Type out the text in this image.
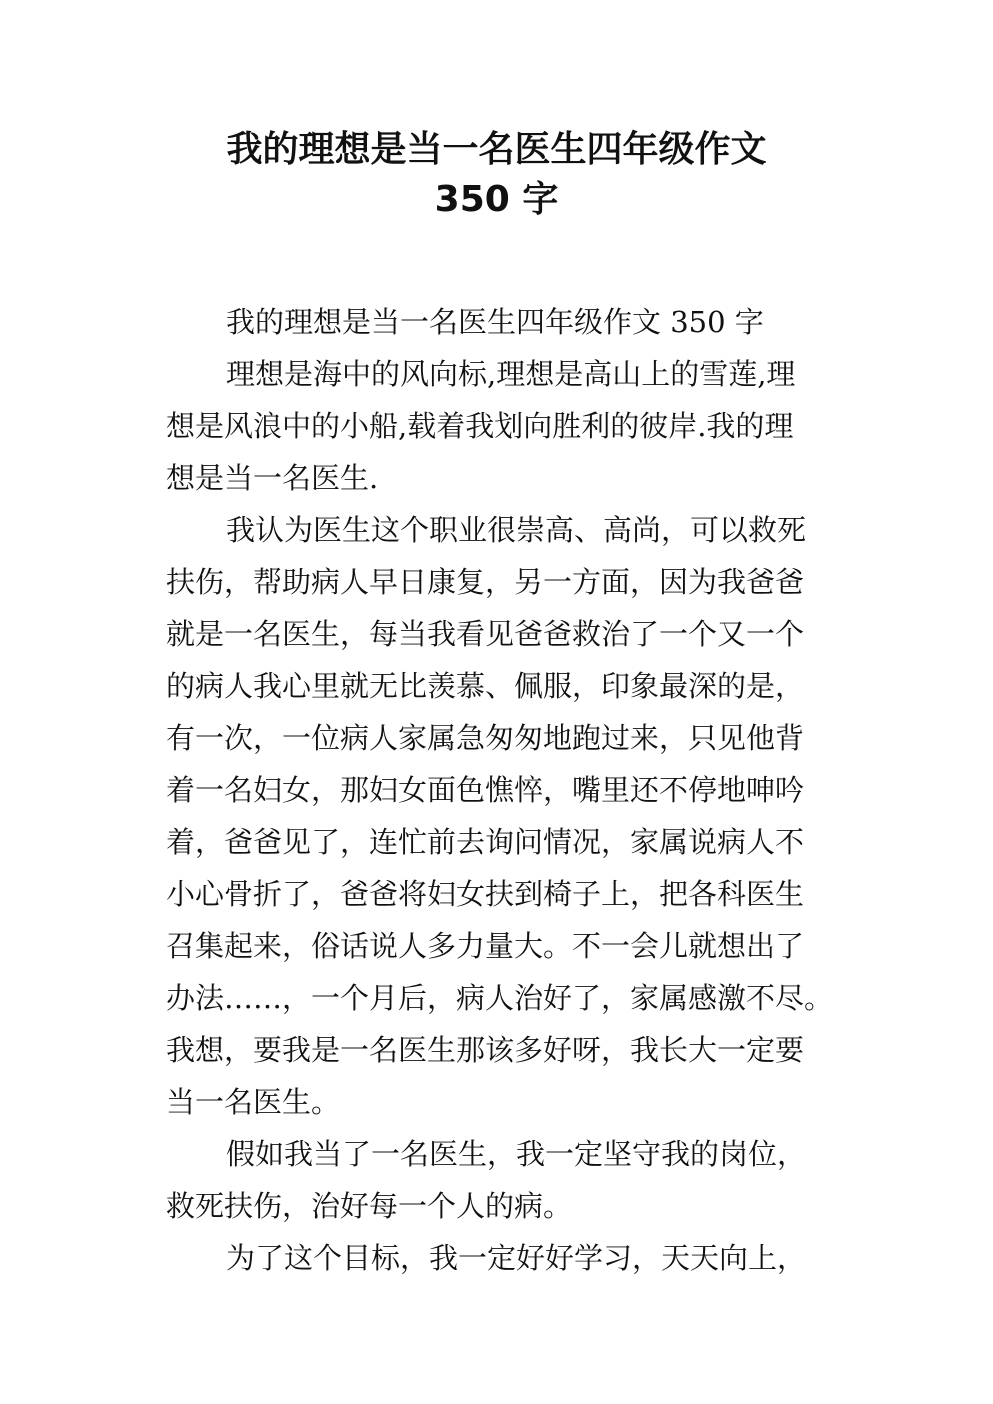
我的理想是当一名医生四年级作文
350 字
我的理想是当一名医生四年级作文 350 字
理想是海中的风向标,理想是高山上的雪莲,理
想是风浪中的小船,载着我划向胜利的彼岸.我的理
想是当一名医生.
我认为医生这个职业很崇高、高尚，可以救死
扶伤，帮助病人早日康复，另一方面，因为我爸爸
就是一名医生，每当我看见爸爸救治了一个又一个
的病人我心里就无比羡慕、佩服，印象最深的是，
有一次，一位病人家属急匆匆地跑过来，只见他背
着一名妇女，那妇女面色憔悴，嘴里还不停地呻吟
着，爸爸见了，连忙前去询问情况，家属说病人不
小心骨折了，爸爸将妇女扶到椅子上，把各科医生
召集起来，俗话说人多力量大。不一会儿就想出了
办法……，一个月后，病人治好了，家属感激不尽。
我想，要我是一名医生那该多好呀，我长大一定要
当一名医生。
假如我当了一名医生，我一定坚守我的岗位，
救死扶伤，治好每一个人的病。
为了这个目标，我一定好好学习，天天向上，
